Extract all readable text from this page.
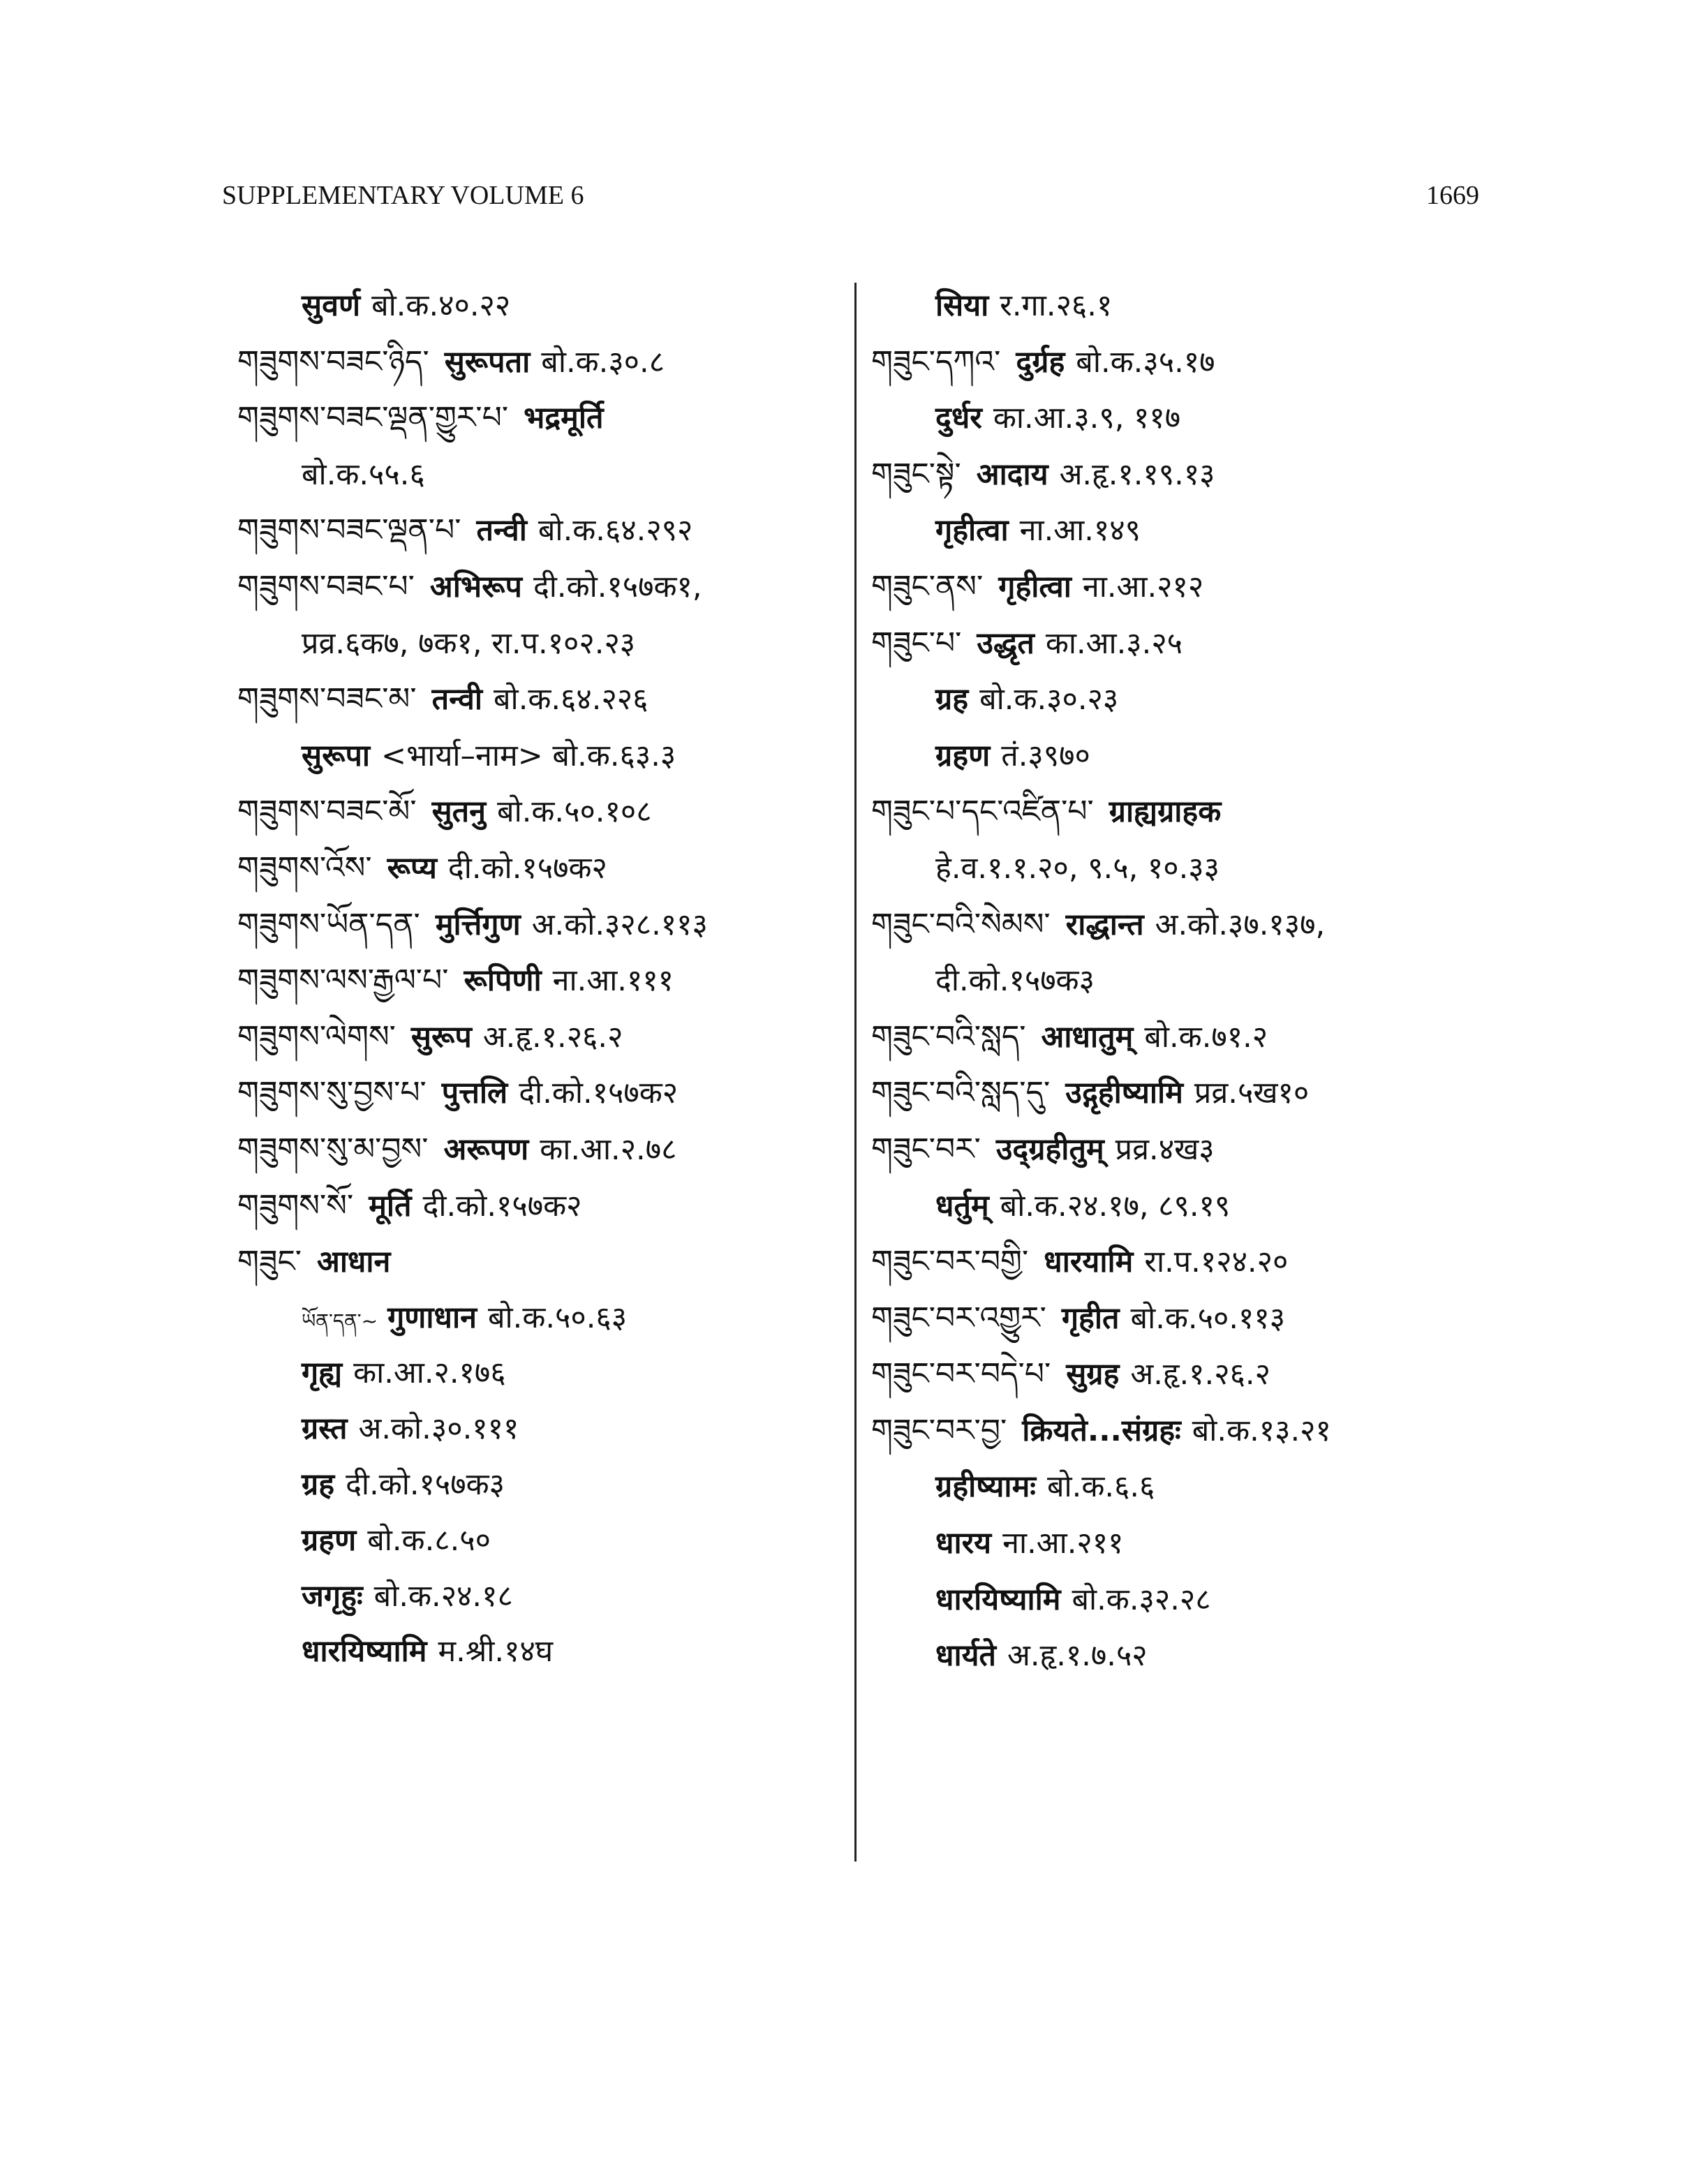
SUPPLEMENTARY VOLUME 6	1669
सुवर्ण बो.क.४०.२२
གཟུགས་བཟང་ཉིད་ सुरूपता बो.क.३०.८
གཟུགས་བཟང་ལྡན་གྱུར་པ་ भद्रमूर्ति
बो.क.५५.६
གཟུགས་བཟང་ལྡན་པ་ तन्वी बो.क.६४.२९२
གཟུགས་བཟང་པ་ अभिरूप दी.को.१५७क१,
प्रव्र.६क७, ७क१, रा.प.१०२.२३
གཟུགས་བཟང་མ་ तन्वी बो.क.६४.२२६
सुरूपा <भार्या–नाम> बो.क.६३.३
གཟུགས་བཟང་མོ་ सुतनु बो.क.५०.१०८
གཟུགས་འོས་ रूप्य दी.को.१५७क२
གཟུགས་ཡོན་དན་ मुर्त्तिगुण अ.को.३२८.११३
གཟུགས་ལས་རྒྱལ་པ་ रूपिणी ना.आ.१११
གཟུགས་ལེགས་ सुरूप अ.हृ.१.२६.२
གཟུགས་སུ་བྱས་པ་ पुत्तलि दी.को.१५७क२
གཟུགས་སུ་མ་བྱས་ अरूपण का.आ.२.७८
གཟུགས་སོ་ मूर्ति दी.को.१५७क२
གཟུང་ आधान
ཡོན་དན་~ गुणाधान बो.क.५०.६३
गृह्य का.आ.२.१७६
ग्रस्त अ.को.३०.१११
ग्रह दी.को.१५७क३
ग्रहण बो.क.८.५०
जगृहुः बो.क.२४.१८
धारयिष्यामि म.श्री.१४घ
सिया र.गा.२६.१
གཟུང་དཀའ་ दुर्ग्रह बो.क.३५.१७
दुर्धर का.आ.३.९, ११७
གཟུང་སྟེ་ आदाय अ.हृ.१.१९.१३
गृहीत्वा ना.आ.१४९
གཟུང་ནས་ गृहीत्वा ना.आ.२१२
གཟུང་པ་ उद्धृत का.आ.३.२५
ग्रह बो.क.३०.२३
ग्रहण तं.३९७०
གཟུང་པ་དང་འཛིན་པ་ ग्राह्यग्राहक
हे.व.१.१.२०, ९.५, १०.३३
གཟུང་བའི་སེམས་ राद्धान्त अ.को.३७.१३७,
दी.को.१५७क३
གཟུང་བའི་སླད་ आधातुम् बो.क.७१.२
གཟུང་བའི་སླད་དུ་ उद्गृहीष्यामि प्रव्र.५ख१०
གཟུང་བར་ उद्ग्रहीतुम् प्रव्र.४ख३
धर्तुम् बो.क.२४.१७, ८९.१९
གཟུང་བར་བགྱི་ धारयामि रा.प.१२४.२०
གཟུང་བར་འགྱུར་ गृहीत बो.क.५०.११३
གཟུང་བར་བདེ་པ་ सुग्रह अ.हृ.१.२६.२
གཟུང་བར་བྱ་ क्रियते...संग्रहः बो.क.१३.२१
ग्रहीष्यामः बो.क.६.६
धारय ना.आ.२११
धारयिष्यामि बो.क.३२.२८
धार्यते अ.हृ.१.७.५२
